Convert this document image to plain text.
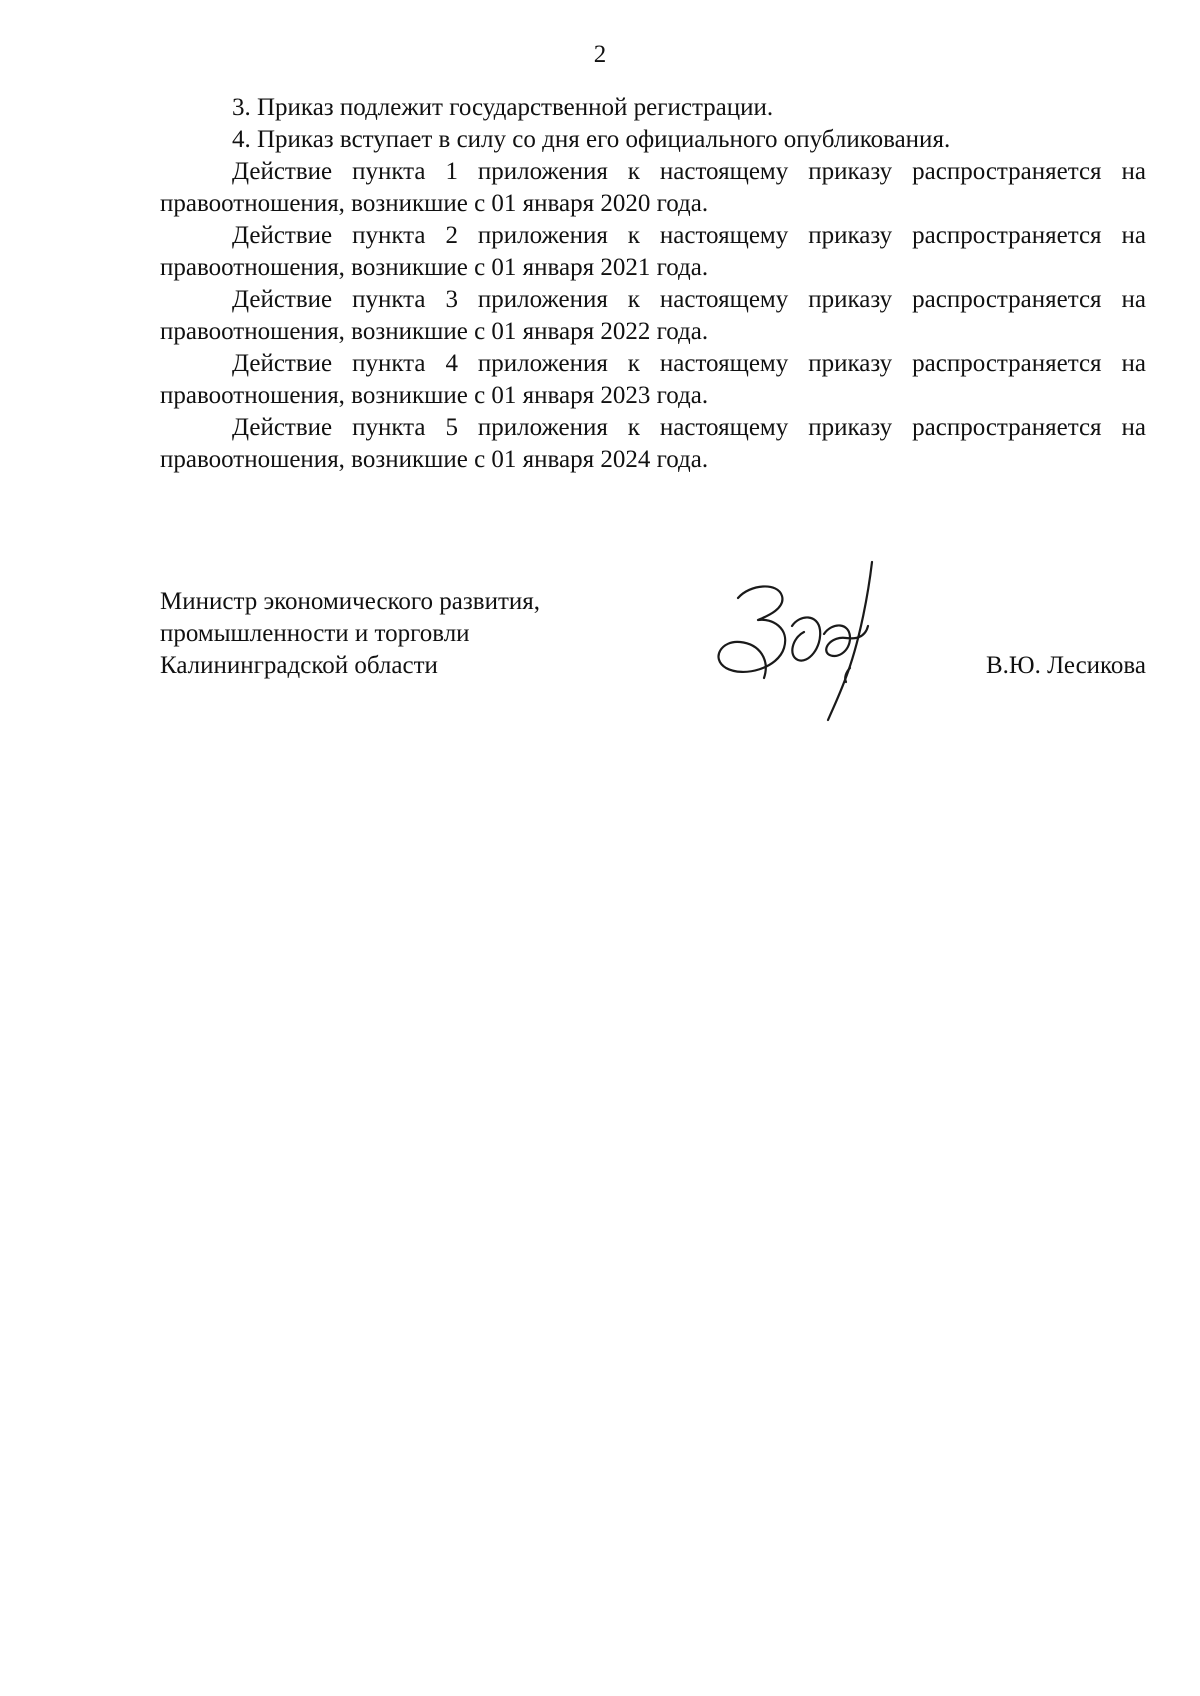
2

3. Приказ подлежит государственной регистрации.

4. Приказ вступает в силу со дня его официального опубликования.

Действие пункта 1 приложения к настоящему приказу распространяется на правоотношения, возникшие с 01 января 2020 года.

Действие пункта 2 приложения к настоящему приказу распространяется на правоотношения, возникшие с 01 января 2021 года.

Действие пункта 3 приложения к настоящему приказу распространяется на правоотношения, возникшие с 01 января 2022 года.

Действие пункта 4 приложения к настоящему приказу распространяется на правоотношения, возникшие с 01 января 2023 года.

Действие пункта 5 приложения к настоящему приказу распространяется на правоотношения, возникшие с 01 января 2024 года.

Министр экономического развития,
промышленности и торговли
Калининградской области	В.Ю. Лесикова
